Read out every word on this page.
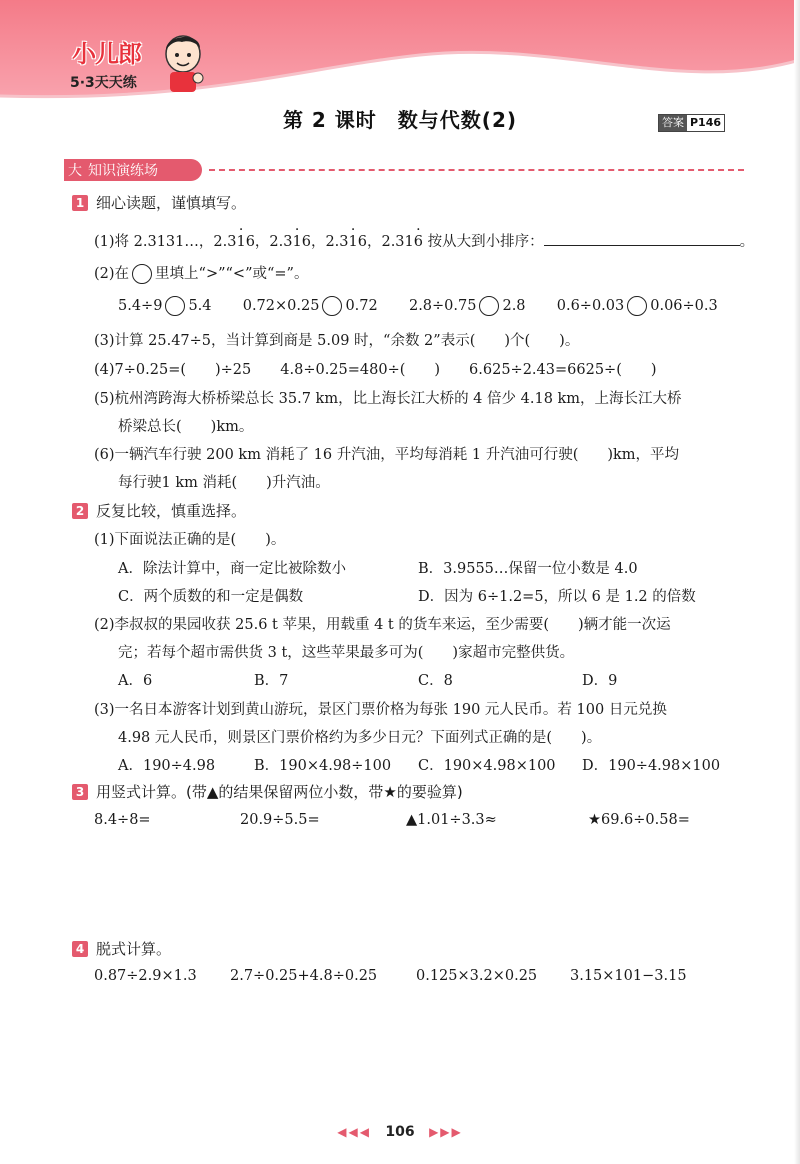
小儿郎
5·3天天练
第 2 课时　数与代数(2)	答案 P146
大 知识演练场
1 细心读题，谨慎填写。
(1)将 2.3131…，2.3· 16，2.3· 16，2.3· 16，2.31· 6 按从大到小排序：	。
(2)在 里填上“>”“<”或“=”。
5.4÷9 5.4 0.72×0.25 0.72 2.8÷0.75 2.8 0.6÷0.03 0.06÷0.3
(3)计算 25.47÷5，当计算到商是 5.09 时，“余数 2”表示(　　)个(　　)。
(4)7÷0.25=(　　)÷25　　4.8÷0.25=480÷(　　)　　6.625÷2.43=6625÷(　　)
(5)杭州湾跨海大桥桥梁总长 35.7 km，比上海长江大桥的 4 倍少 4.18 km，上海长江大桥
桥梁总长(　　)km。
(6)一辆汽车行驶 200 km 消耗了 16 升汽油，平均每消耗 1 升汽油可行驶(　　)km，平均
每行驶1 km 消耗(　　)升汽油。
2 反复比较，慎重选择。
(1)下面说法正确的是(　　)。
A．除法计算中，商一定比被除数小	B．3.9555…保留一位小数是 4.0
C．两个质数的和一定是偶数	D．因为 6÷1.2=5，所以 6 是 1.2 的倍数
(2)李叔叔的果园收获 25.6 t 苹果，用载重 4 t 的货车来运，至少需要(　　)辆才能一次运
完；若每个超市需供货 3 t，这些苹果最多可为(　　)家超市完整供货。
A．6	B．7	C．8	D．9
(3)一名日本游客计划到黄山游玩，景区门票价格为每张 190 元人民币。若 100 日元兑换
4.98 元人民币，则景区门票价格约为多少日元？下面列式正确的是(　　)。
A．190÷4.98	B．190×4.98÷100 C．190×4.98×100 D．190÷4.98×100
3 用竖式计算。(带▲的结果保留两位小数，带★的要验算)
8.4÷8=	20.9÷5.5=	▲1.01÷3.3≈	★69.6÷0.58=
4 脱式计算。
0.87÷2.9×1.3 2.7÷0.25+4.8÷0.25	0.125×3.2×0.25 3.15×101−3.15
◀◀◀ 106 ▶▶▶
